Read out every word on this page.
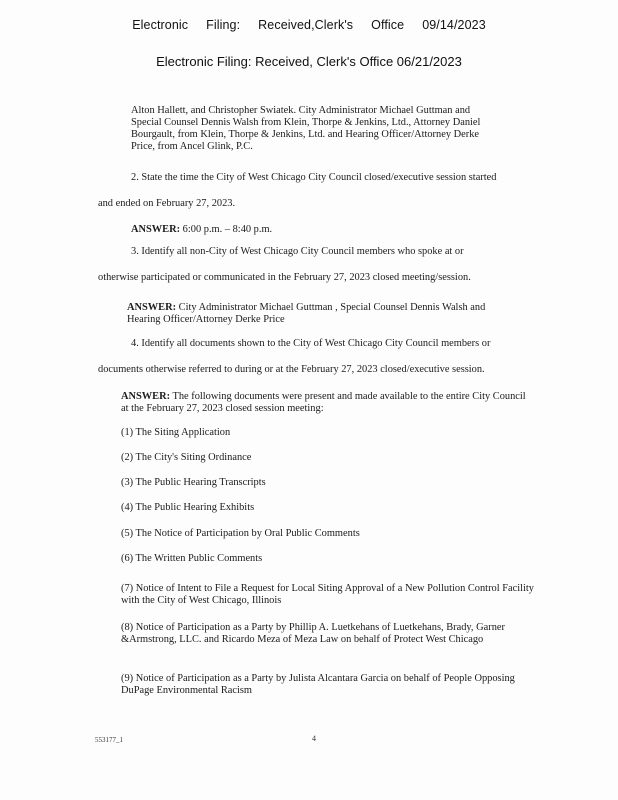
Electronic Filing: Received,Clerk's Office 09/14/2023
Electronic Filing: Received, Clerk's Office 06/21/2023
Alton Hallett, and Christopher Swiatek. City Administrator Michael Guttman and
Special Counsel Dennis Walsh from Klein, Thorpe & Jenkins, Ltd., Attorney Daniel
Bourgault, from Klein, Thorpe & Jenkins, Ltd. and Hearing Officer/Attorney Derke
Price, from Ancel Glink, P.C.
2. State the time the City of West Chicago City Council closed/executive session started
and ended on February 27, 2023.
ANSWER: 6:00 p.m. – 8:40 p.m.
3. Identify all non-City of West Chicago City Council members who spoke at or
otherwise participated or communicated in the February 27, 2023 closed meeting/session.
ANSWER: City Administrator Michael Guttman , Special Counsel Dennis Walsh and
Hearing Officer/Attorney Derke Price
4. Identify all documents shown to the City of West Chicago City Council members or
documents otherwise referred to during or at the February 27, 2023 closed/executive session.
ANSWER: The following documents were present and made available to the entire City Council
at the February 27, 2023 closed session meeting:
(1) The Siting Application
(2) The City's Siting Ordinance
(3) The Public Hearing Transcripts
(4) The Public Hearing Exhibits
(5) The Notice of Participation by Oral Public Comments
(6) The Written Public Comments
(7) Notice of Intent to File a Request for Local Siting Approval of a New Pollution Control Facility with the City of West Chicago, Illinois
(8) Notice of Participation as a Party by Phillip A. Luetkehans of Luetkehans, Brady, Garner &Armstrong, LLC. and Ricardo Meza of Meza Law on behalf of Protect West Chicago
(9) Notice of Participation as a Party by Julista Alcantara Garcia on behalf of People Opposing DuPage Environmental Racism
553177_1	4
